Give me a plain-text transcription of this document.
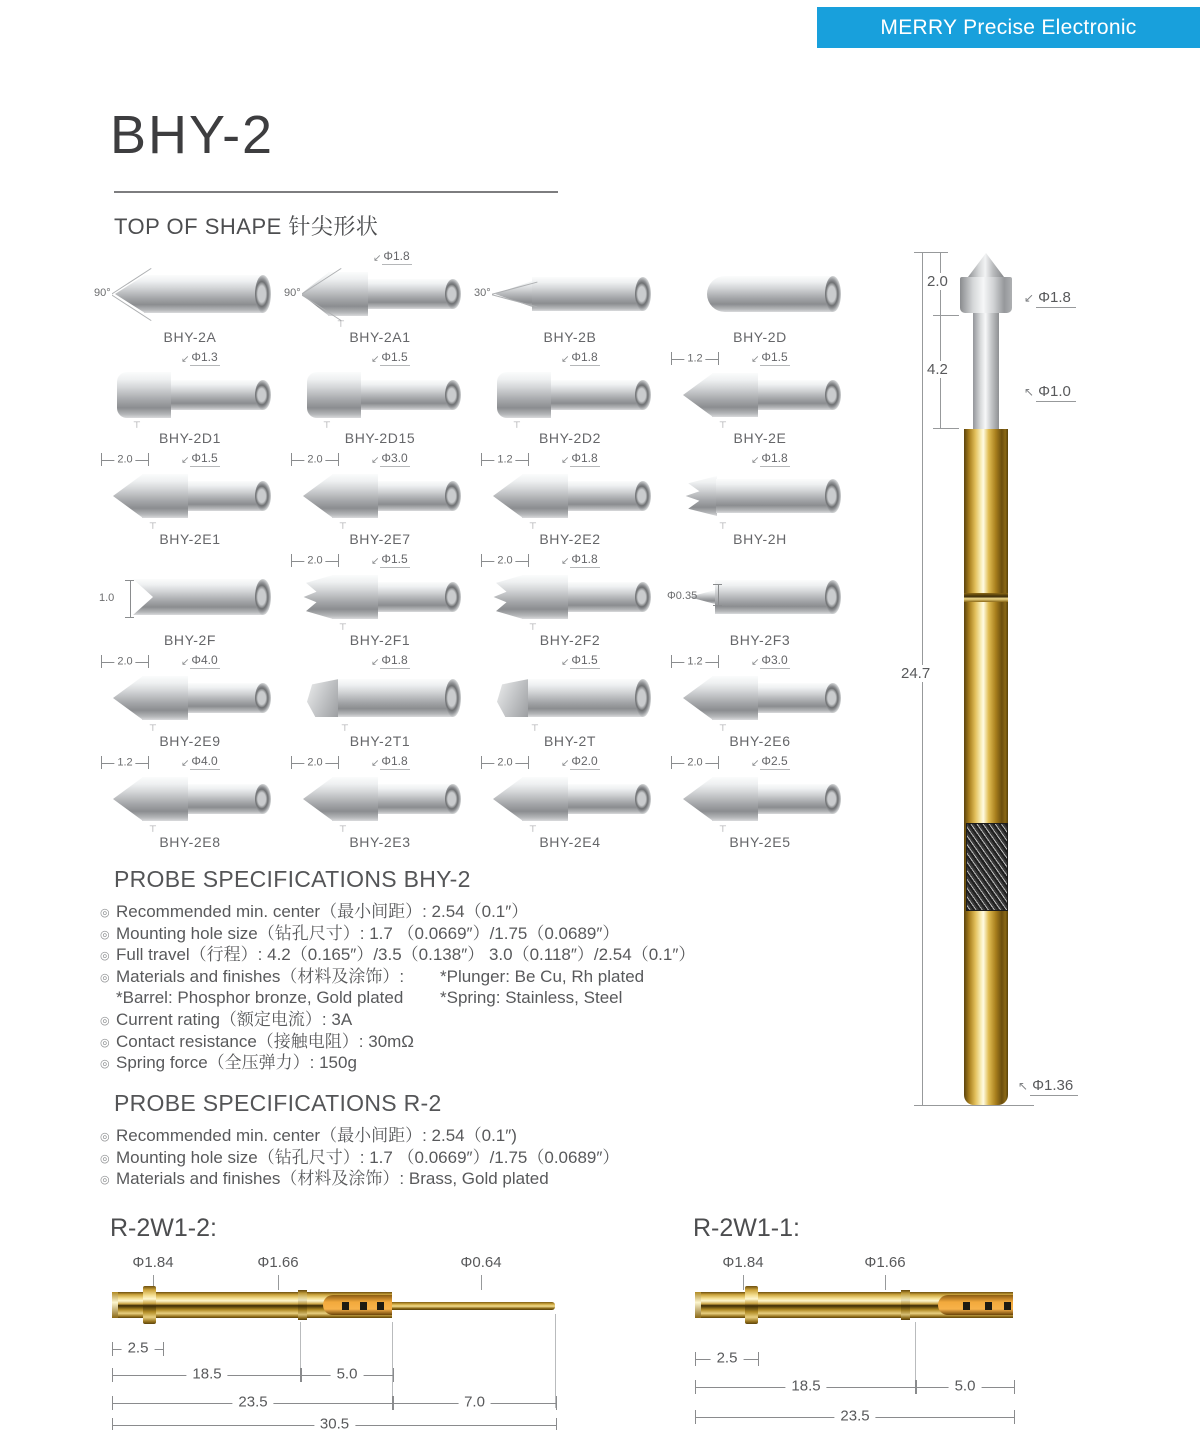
MERRY Precise Electronic
BHY-2
TOP OF SHAPE 针尖形状
90°
BHY-2A
90°
↙ Φ1.8
⊤
BHY-2A1
30°
BHY-2B	BHY-2D
↙ Φ1.3
⊤
BHY-2D1
↙ Φ1.5
⊤
BHY-2D15
↙ Φ1.8
⊤
BHY-2D2
1.2	↙ Φ1.5
⊤
BHY-2E
2.0	↙ Φ1.5
⊤
BHY-2E1
2.0	↙ Φ3.0
⊤
BHY-2E7
1.2	↙ Φ1.8
⊤
BHY-2E2
↙ Φ1.8
⊤
BHY-2H
1.0
BHY-2F
2.0	↙ Φ1.5
⊤
BHY-2F1
2.0	↙ Φ1.8
⊤
BHY-2F2
Φ0.35
BHY-2F3
2.0	↙ Φ4.0
⊤
BHY-2E9
↙ Φ1.8
⊤
BHY-2T1
↙ Φ1.5
⊤
BHY-2T
1.2	↙ Φ3.0
⊤
BHY-2E6
1.2	↙ Φ4.0
⊤
BHY-2E8
2.0	↙ Φ1.8
⊤
BHY-2E3
2.0	↙ Φ2.0
⊤
BHY-2E4
2.0	↙ Φ2.5
⊤
BHY-2E5
2.0
4.2
24.7
↙ Φ1.8
↖ Φ1.0
↖ Φ1.36
PROBE SPECIFICATIONS BHY-2
◎ Recommended min. center（最小间距）: 2.54（0.1″）
◎ Mounting hole size（钻孔尺寸）: 1.7 （0.0669″）/1.75（0.0689″）
◎ Full travel（行程）: 4.2（0.165″）/3.5（0.138″） 3.0（0.118″）/2.54（0.1″）
◎ Materials and finishes（材料及涂饰）:	*Plunger: Be Cu, Rh plated
*Barrel: Phosphor bronze, Gold plated	*Spring: Stainless, Steel
◎ Current rating（额定电流）: 3A
◎ Contact resistance（接触电阻）: 30mΩ
◎ Spring force（全压弹力）: 150g
PROBE SPECIFICATIONS R-2
◎ Recommended min. center（最小间距）: 2.54（0.1″)
◎ Mounting hole size（钻孔尺寸）: 1.7 （0.0669″）/1.75（0.0689″）
◎ Materials and finishes（材料及涂饰）: Brass, Gold plated
R-2W1-2:
Φ1.84	Φ1.66	Φ0.64
2.5
18.5	5.0
23.5	7.0
30.5
R-2W1-1:
Φ1.84	Φ1.66
2.5
18.5	5.0
23.5
